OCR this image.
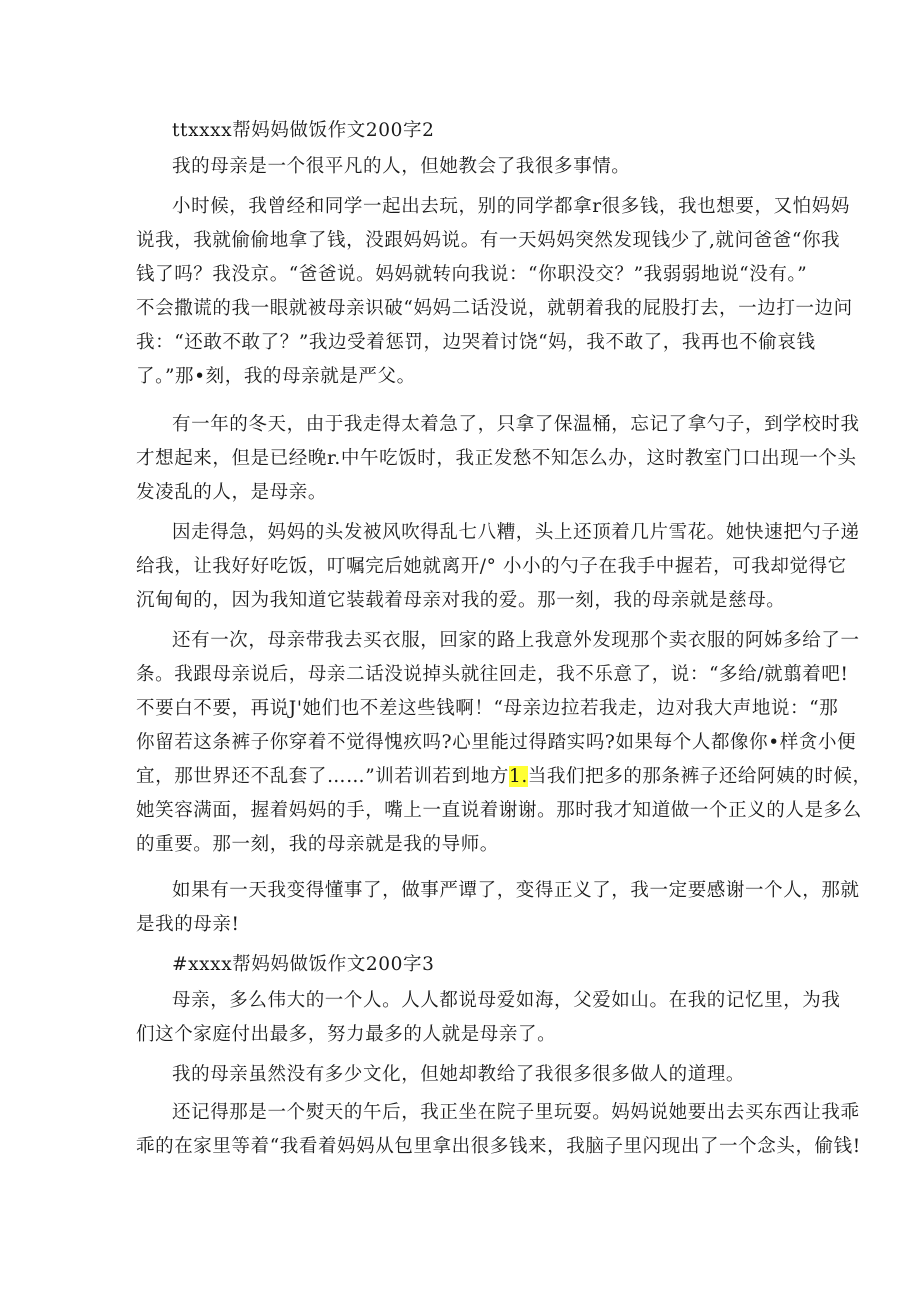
ttxxxx帮妈妈做饭作文200字2
我的母亲是一个很平凡的人，但她教会了我很多事情。
小时候，我曾经和同学一起出去玩，别的同学都拿r很多钱，我也想要，又怕妈妈
说我，我就偷偷地拿了钱，没跟妈妈说。有一天妈妈突然发现钱少了,就问爸爸“你我
钱了吗？我没京。“爸爸说。妈妈就转向我说：“你职没交？”我弱弱地说“没有。”
不会撒谎的我一眼就被母亲识破“妈妈二话没说，就朝着我的屁股打去，一边打一边问
我：“还敢不敢了？”我边受着惩罚，边哭着讨饶“妈，我不敢了，我再也不偷哀钱
了。”那•刻，我的母亲就是严父。
有一年的冬天，由于我走得太着急了，只拿了保温桶，忘记了拿勺子，到学校时我
才想起来，但是已经晚r.中午吃饭时，我正发愁不知怎么办，这时教室门口出现一个头
发凌乱的人，是母亲。
因走得急，妈妈的头发被风吹得乱七八糟，头上还顶着几片雪花。她快速把勺子递
给我，让我好好吃饭，叮嘱完后她就离开/° 小小的勺子在我手中握若，可我却觉得它
沉甸甸的，因为我知道它装载着母亲对我的爱。那一刻，我的母亲就是慈母。
还有一次，母亲带我去买衣服，回家的路上我意外发现那个卖衣服的阿姊多给了一
条。我跟母亲说后，母亲二话没说掉头就往回走，我不乐意了，说：“多给/就翦着吧!
不要白不要，再说J'她们也不差这些钱啊！“母亲边拉若我走，边对我大声地说：“那
你留若这条裤子你穿着不觉得愧疚吗?心里能过得踏实吗?如果每个人都像你•样贪小便
宜，那世界还不乱套了……”训若训若到地方1.当我们把多的那条裤子还给阿姨的时候，
她笑容满面，握着妈妈的手，嘴上一直说着谢谢。那时我才知道做一个正义的人是多么
的重要。那一刻，我的母亲就是我的导师。
如果有一天我变得懂事了，做事严谭了，变得正义了，我一定要感谢一个人，那就
是我的母亲!
#xxxx帮妈妈做饭作文200字3
母亲，多么伟大的一个人。人人都说母爱如海，父爱如山。在我的记忆里，为我
们这个家庭付出最多，努力最多的人就是母亲了。
我的母亲虽然没有多少文化，但她却教给了我很多很多做人的道理。
还记得那是一个熨天的午后，我正坐在院子里玩耍。妈妈说她要出去买东西让我乖
乖的在家里等着“我看着妈妈从包里拿出很多钱来，我脑子里闪现出了一个念头，偷钱!
